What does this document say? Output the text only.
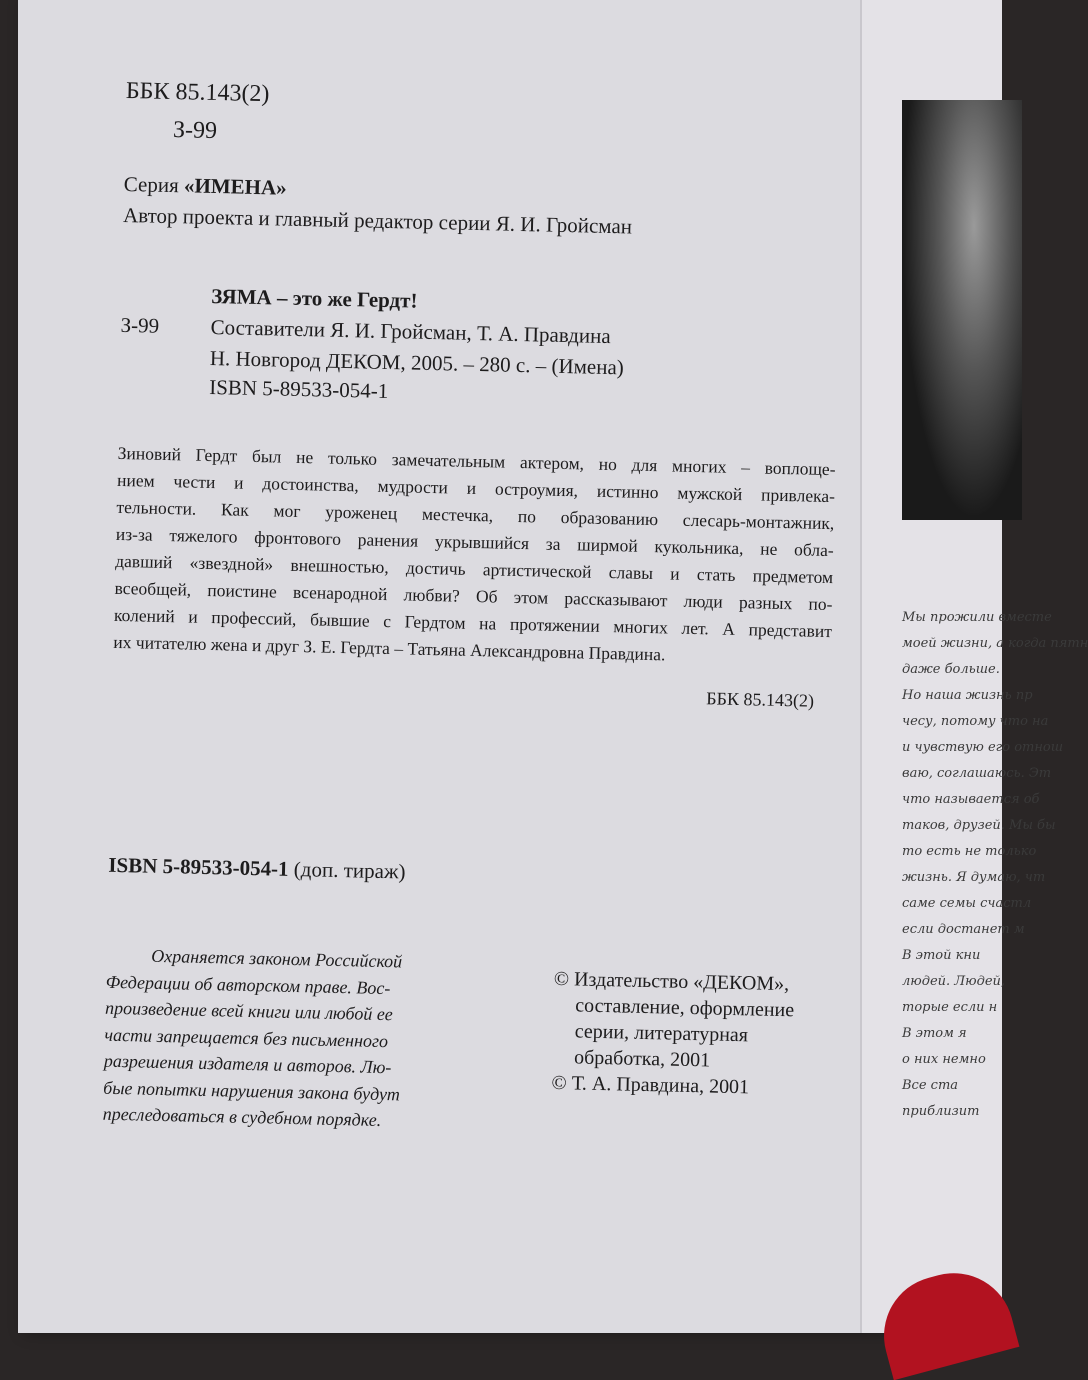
ББК 85.143(2)
З-99
Серия «ИМЕНА»
Автор проекта и главный редактор серии Я. И. Гройсман
ЗЯМА – это же Гердт!
З-99 Составители Я. И. Гройсман, Т. А. Правдина
Н. Новгород ДЕКОМ, 2005. – 280 с. – (Имена)
ISBN 5-89533-054-1

Зиновий Гердт был не только замечательным актером, но для многих – воплоще-

нием чести и достоинства, мудрости и остроумия, истинно мужской привлека-

тельности. Как мог уроженец местечка, по образованию слесарь-монтажник,

из-за тяжелого фронтового ранения укрывшийся за ширмой кукольника, не обла-

давший «звездной» внешностью, достичь артистической славы и стать предметом

всеобщей, поистине всенародной любви? Об этом рассказывают люди разных по-

колений и профессий, бывшие с Гердтом на протяжении многих лет. А представит

их читателю жена и друг З. Е. Гердта – Татьяна Александровна Правдина.

ББК 85.143(2)
ISBN 5-89533-054-1 (доп. тираж)
Охраняется законом Российской
Федерации об авторском праве. Вос-
произведение всей книги или любой ее
части запрещается без письменного
разрешения издателя и авторов. Лю-
бые попытки нарушения закона будут
преследоваться в судебном порядке.
© Издательство «ДЕКОМ»,
составление, оформление
серии, литературная
обработка, 2001
© Т. А. Правдина, 2001
Мы прожили вместе
моей жизни, а когда пятн
даже больше.
Но наша жизнь пр
чесу, потому что на
и чувствую его отнош
ваю, соглашаюсь. Эт
что называется об
таков, друзей. Мы бы
то есть не только
жизнь. Я думаю, чт
саме семы счастл
если достанет м
В этой кни
людей. Людей,
торые если н
В этом я
о них немно
Все ста
приблизит
